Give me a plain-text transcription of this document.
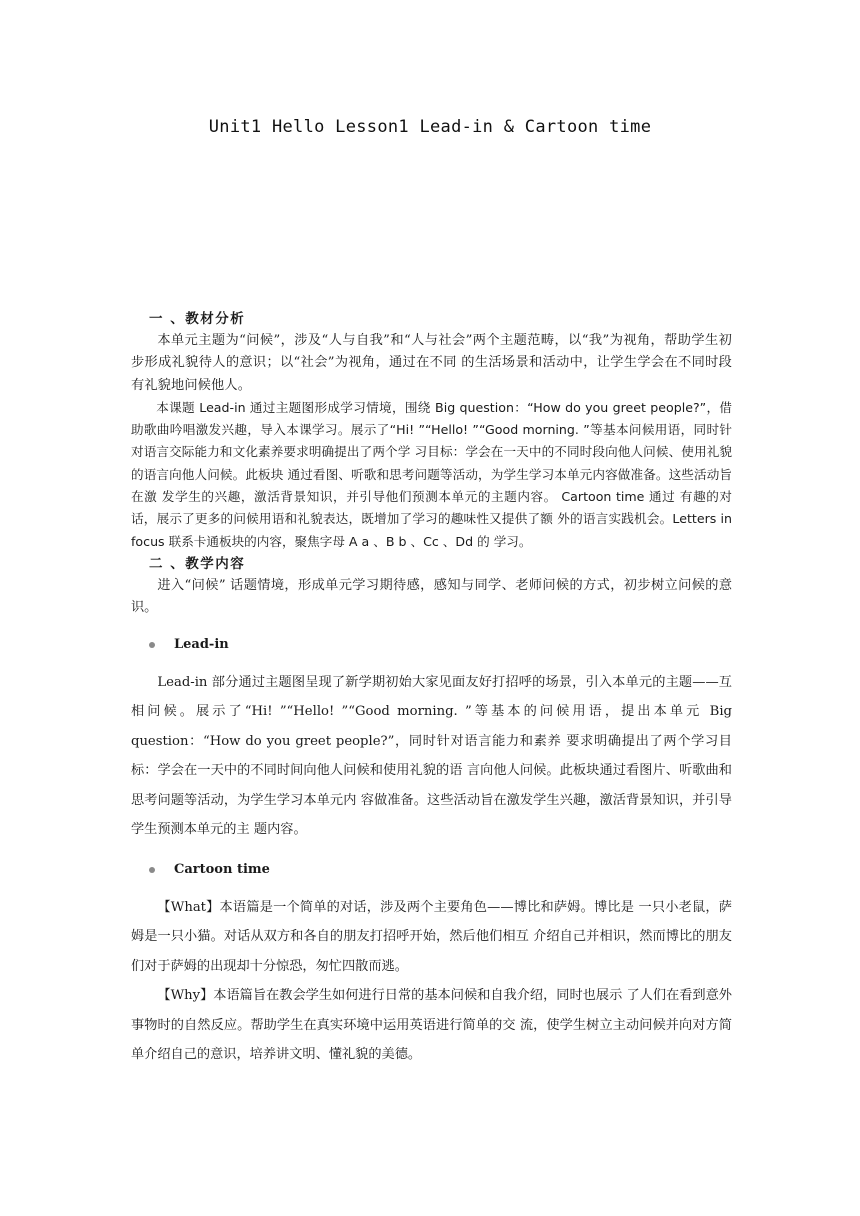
Unit1 Hello Lesson1 Lead-in & Cartoon time
一 、教材分析

本单元主题为“问候”，涉及“人与自我”和“人与社会”两个主题范畴，以“我”为视角，帮助学生初步形成礼貌待人的意识；以“社会”为视角，通过在不同 的生活场景和活动中，让学生学会在不同时段有礼貌地问候他人。

本课题 Lead-in 通过主题图形成学习情境，围绕 Big question：“How do you greet people?”，借助歌曲吟唱激发兴趣，导入本课学习。展示了“Hi! ”“Hello! ”“Good morning. ”等基本问候用语，同时针对语言交际能力和文化素养要求明确提出了两个学 习目标：学会在一天中的不同时段向他人问候、使用礼貌的语言向他人问候。此板块 通过看图、听歌和思考问题等活动，为学生学习本单元内容做准备。这些活动旨在激 发学生的兴趣，激活背景知识，并引导他们预测本单元的主题内容。 Cartoon time 通过 有趣的对话，展示了更多的问候用语和礼貌表达，既增加了学习的趣味性又提供了额 外的语言实践机会。Letters in focus 联系卡通板块的内容，聚焦字母 A a 、B b 、Cc 、Dd 的 学习。

二 、教学内容

进入“问候” 话题情境，形成单元学习期待感，感知与同学、老师问候的方式，初步树立问候的意识。

Lead-in

Lead-in 部分通过主题图呈现了新学期初始大家见面友好打招呼的场景，引入本单元的主题——互相问候。展示了“Hi! ”“Hello! ”“Good morning. ”等基本的问候用语，提出本单元 Big question：“How do you greet people?”，同时针对语言能力和素养 要求明确提出了两个学习目标：学会在一天中的不同时间向他人问候和使用礼貌的语 言向他人问候。此板块通过看图片、听歌曲和思考问题等活动，为学生学习本单元内 容做准备。这些活动旨在激发学生兴趣，激活背景知识，并引导学生预测本单元的主 题内容。

Cartoon time

【What】本语篇是一个简单的对话，涉及两个主要角色——博比和萨姆。博比是 一只小老鼠，萨姆是一只小猫。对话从双方和各自的朋友打招呼开始，然后他们相互 介绍自己并相识，然而博比的朋友们对于萨姆的出现却十分惊恐，匆忙四散而逃。

【Why】本语篇旨在教会学生如何进行日常的基本问候和自我介绍，同时也展示 了人们在看到意外事物时的自然反应。帮助学生在真实环境中运用英语进行简单的交 流，使学生树立主动问候并向对方简单介绍自己的意识，培养讲文明、懂礼貌的美德。
